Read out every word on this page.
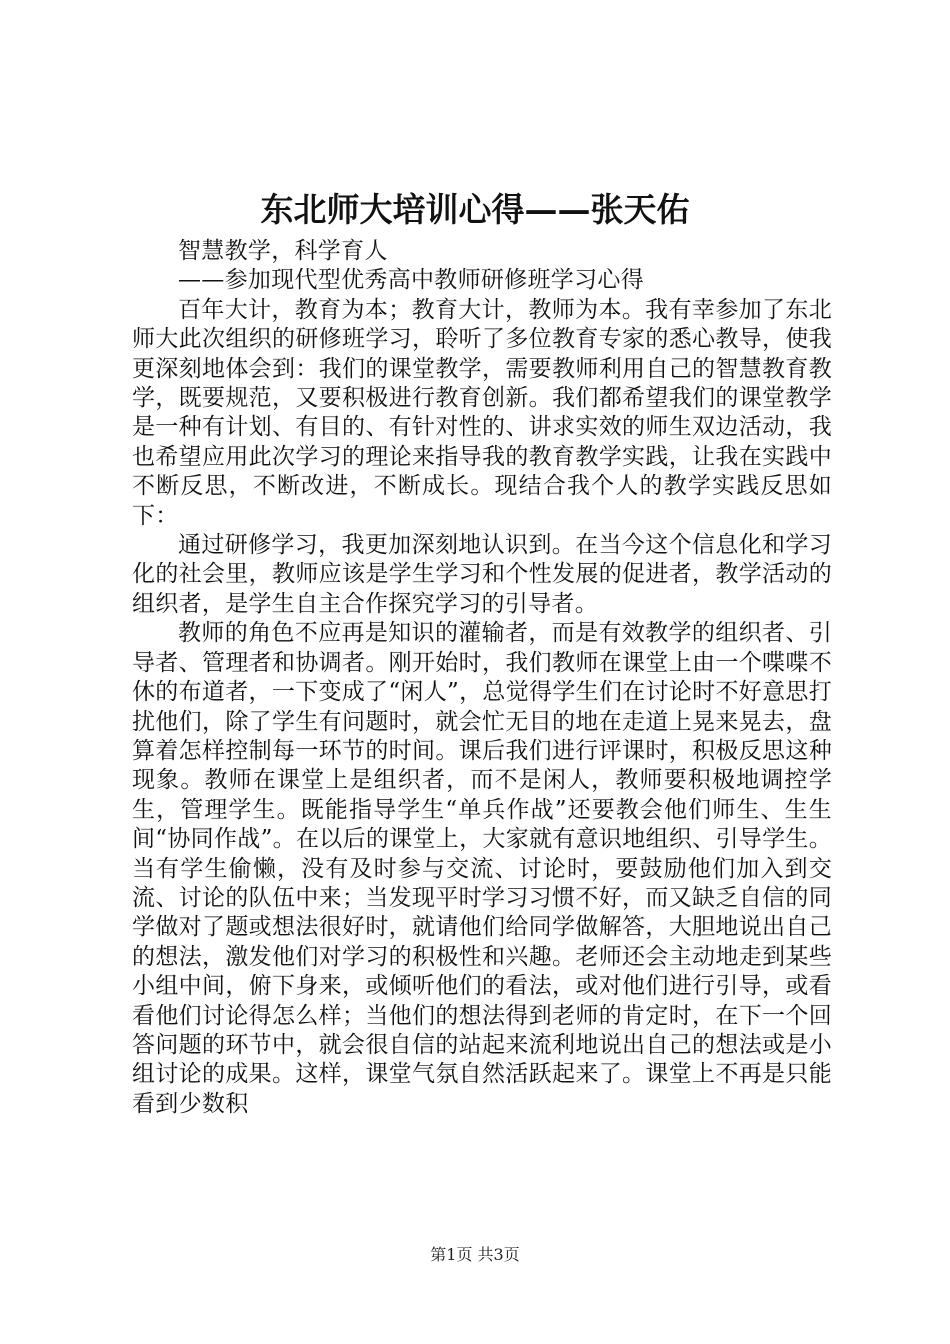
东北师大培训心得——张天佑

智慧教学，科学育人

——参加现代型优秀高中教师研修班学习心得

百年大计，教育为本；教育大计，教师为本。我有幸参加了东北师大此次组织的研修班学习，聆听了多位教育专家的悉心教导，使我更深刻地体会到：我们的课堂教学，需要教师利用自己的智慧教育教学，既要规范，又要积极进行教育创新。我们都希望我们的课堂教学是一种有计划、有目的、有针对性的、讲求实效的师生双边活动，我也希望应用此次学习的理论来指导我的教育教学实践，让我在实践中不断反思，不断改进，不断成长。现结合我个人的教学实践反思如下：

通过研修学习，我更加深刻地认识到。在当今这个信息化和学习化的社会里，教师应该是学生学习和个性发展的促进者，教学活动的组织者，是学生自主合作探究学习的引导者。

教师的角色不应再是知识的灌输者，而是有效教学的组织者、引导者、管理者和协调者。刚开始时，我们教师在课堂上由一个喋喋不休的布道者，一下变成了“闲人”，总觉得学生们在讨论时不好意思打扰他们，除了学生有问题时，就会忙无目的地在走道上晃来晃去，盘算着怎样控制每一环节的时间。课后我们进行评课时，积极反思这种现象。教师在课堂上是组织者，而不是闲人，教师要积极地调控学生，管理学生。既能指导学生“单兵作战”还要教会他们师生、生生间“协同作战”。在以后的课堂上，大家就有意识地组织、引导学生。当有学生偷懒，没有及时参与交流、讨论时，要鼓励他们加入到交流、讨论的队伍中来；当发现平时学习习惯不好，而又缺乏自信的同学做对了题或想法很好时，就请他们给同学做解答，大胆地说出自己的想法，激发他们对学习的积极性和兴趣。老师还会主动地走到某些小组中间，俯下身来，或倾听他们的看法，或对他们进行引导，或看看他们讨论得怎么样；当他们的想法得到老师的肯定时，在下一个回答问题的环节中，就会很自信的站起来流利地说出自己的想法或是小组讨论的成果。这样，课堂气氛自然活跃起来了。课堂上不再是只能看到少数积

第1页 共3页
